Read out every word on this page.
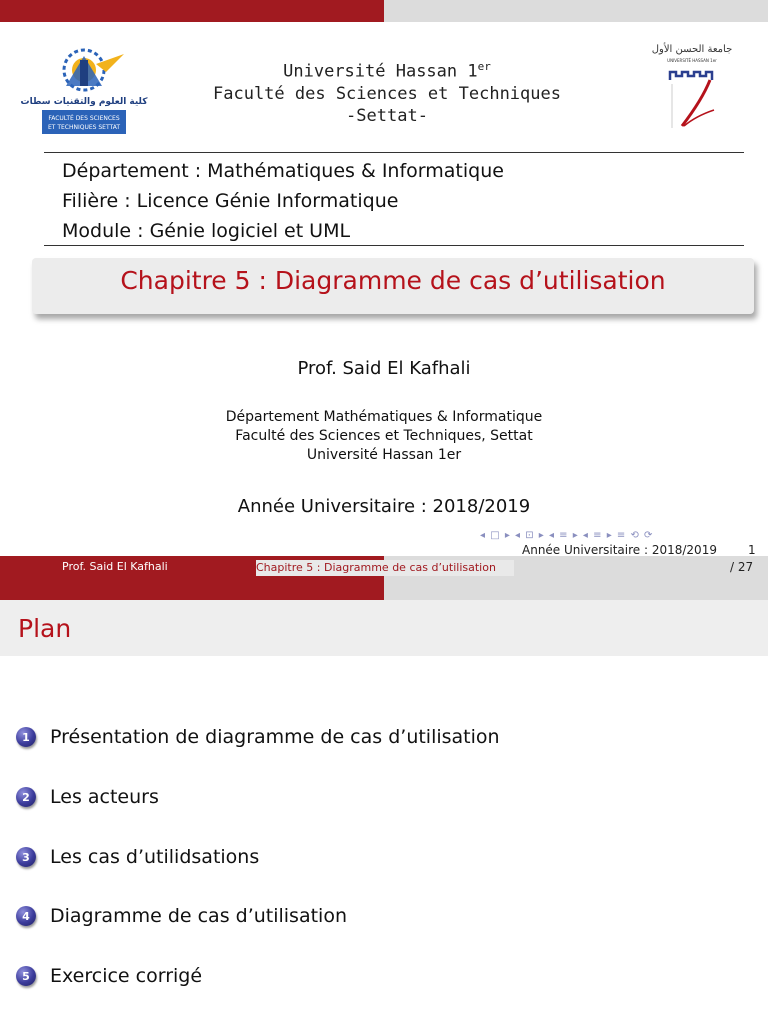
كلية العلوم والتقنيات سطات
FACULTÉ DES SCIENCES
ET TECHNIQUES SETTAT
Université Hassan 1er
Faculté des Sciences et Techniques
-Settat-
جامعة الحسن الأول
UNIVERSITÉ HASSAN 1er
Département : Mathématiques & Informatique
Filière : Licence Génie Informatique
Module : Génie logiciel et UML
Chapitre 5 : Diagramme de cas d’utilisation
Prof. Said El Kafhali
Département Mathématiques & Informatique
Faculté des Sciences et Techniques, Settat
Université Hassan 1er
Année Universitaire : 2018/2019
◂ □ ▸ ◂ ⊡ ▸ ◂ ≡ ▸ ◂ ≡ ▸ ≡ ⟲ ⟳
Année Universitaire : 2018/2019	1
Prof. Said El Kafhali	Chapitre 5 : Diagramme de cas d’utilisation	/ 27
Plan
1	Présentation de diagramme de cas d’utilisation
2	Les acteurs
3	Les cas d’utilidsations
4	Diagramme de cas d’utilisation
5	Exercice corrigé
